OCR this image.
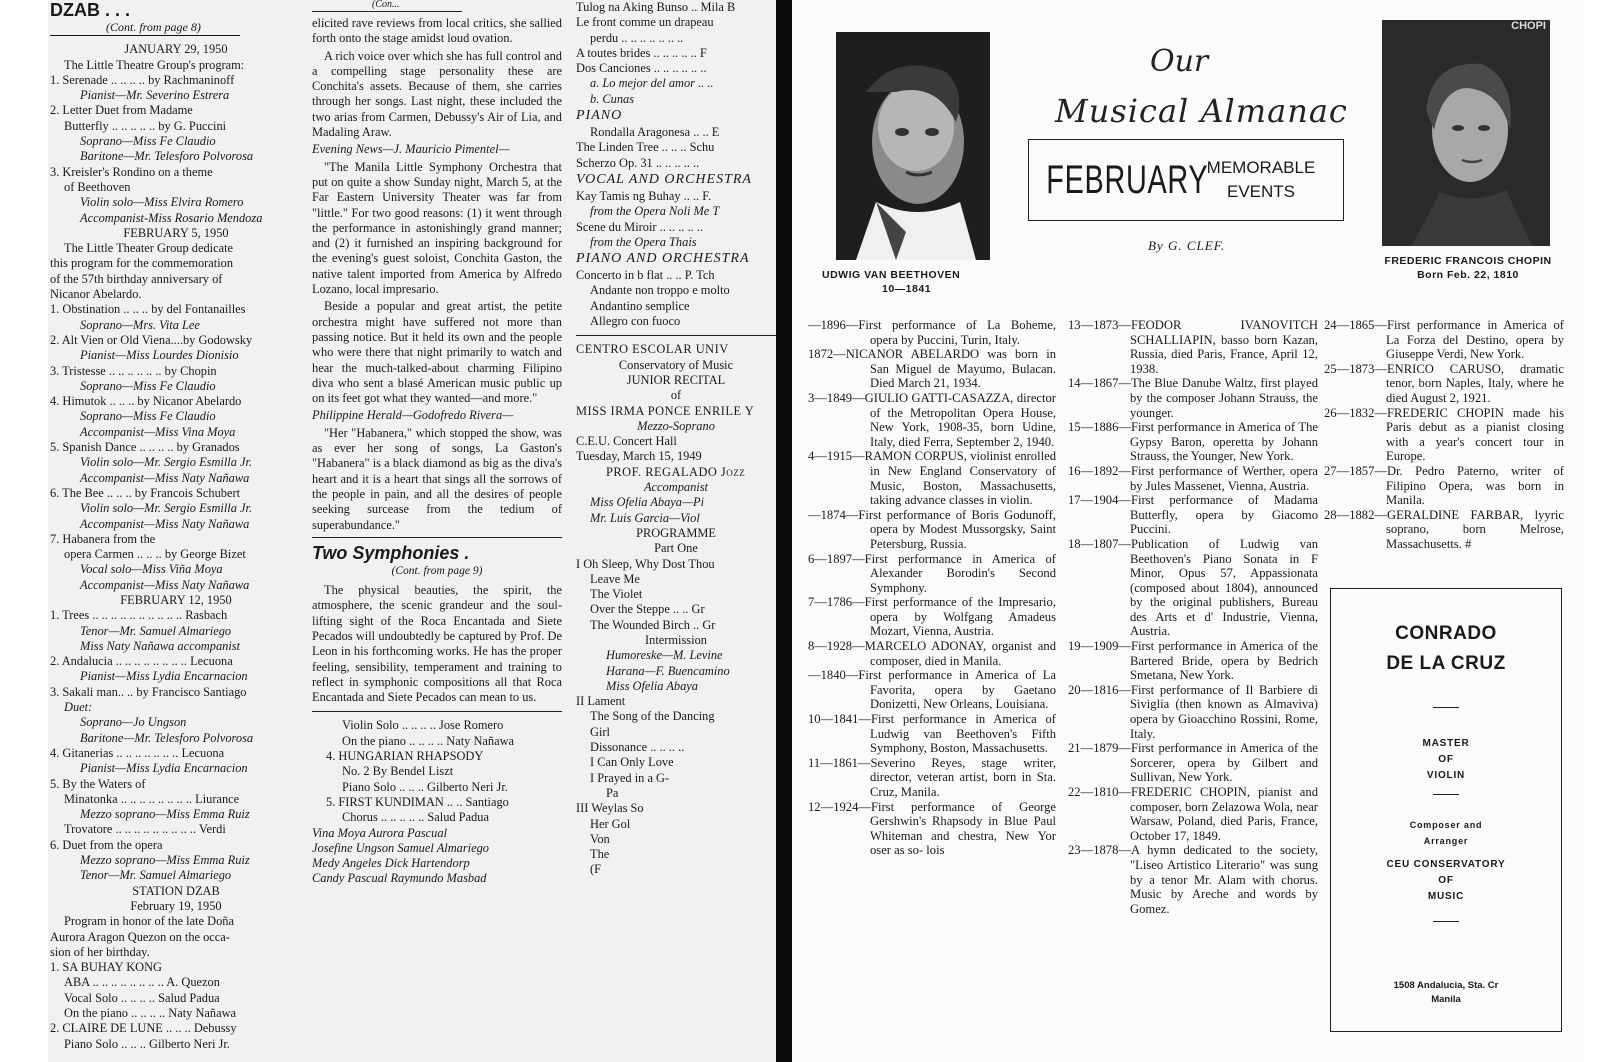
DZAB . . .
(Cont. from page 8)
JANUARY 29, 1950
The Little Theatre Group's program:
1. Serenade .. .. .. .. by Rachmaninoff
Pianist—Mr. Severino Estrera
2. Letter Duet from Madame
Butterfly .. .. .. .. .. by G. Puccini
Soprano—Miss Fe Claudio
Baritone—Mr. Telesforo Polvorosa
3. Kreisler's Rondino on a theme
of Beethoven
Violin solo—Miss Elvira Romero
Accompanist-Miss Rosario Mendoza
FEBRUARY 5, 1950
The Little Theater Group dedicate
this program for the commemoration
of the 57th birthday anniversary of
Nicanor Abelardo.
1. Obstination .. .. .. by del Fontanailles
Soprano—Mrs. Vita Lee
2. Alt Vien or Old Viena....by Godowsky
Pianist—Miss Lourdes Dionisio
3. Tristesse .. .. .. .. .. .. by Chopin
Soprano—Miss Fe Claudio
4. Himutok .. .. .. by Nicanor Abelardo
Soprano—Miss Fe Claudio
Accompanist—Miss Vina Moya
5. Spanish Dance .. .. .. .. by Granados
Violin solo—Mr. Sergio Esmilla Jr.
Accompanist—Miss Naty Nañawa
6. The Bee .. .. .. by Francois Schubert
Violin solo—Mr. Sergio Esmilla Jr.
Accompanist—Miss Naty Nañawa
7. Habanera from the
opera Carmen .. .. .. by George Bizet
Vocal solo—Miss Viña Moya
Accompanist—Miss Naty Nañawa
FEBRUARY 12, 1950
1. Trees .. .. .. .. .. .. .. .. .. .. Rasbach
Tenor—Mr. Samuel Almariego
Miss Naty Nañawa accompanist
2. Andalucia .. .. .. .. .. .. .. .. Lecuona
Pianist—Miss Lydia Encarnacion
3. Sakali man.. .. by Francisco Santiago
Duet:
Soprano—Jo Ungson
Baritone—Mr. Telesforo Polvorosa
4. Gitanerias .. .. .. .. .. .. .. Lecuona
Pianist—Miss Lydia Encarnacion
5. By the Waters of
Minatonka .. .. .. .. .. .. .. .. Liurance
Mezzo soprano—Miss Emma Ruiz
Trovatore .. .. .. .. .. .. .. .. .. Verdi
6. Duet from the opera
Mezzo soprano—Miss Emma Ruiz
Tenor—Mr. Samuel Almariego
STATION DZAB
February 19, 1950
Program in honor of the late Doña
Aurora Aragon Quezon on the occa-
sion of her birthday.
1. SA BUHAY KONG
ABA .. .. .. .. .. .. .. .. A. Quezon
Vocal Solo .. .. .. .. Salud Padua
On the piano .. .. .. .. Naty Nañawa
2. CLAIRE DE LUNE .. .. .. Debussy
Piano Solo .. .. .. Gilberto Neri Jr.
(Con...
elicited rave reviews from local critics, she sallied forth onto the stage amidst loud ovation.
A rich voice over which she has full control and a compelling stage personality these are Conchita's assets. Because of them, she carries through her songs. Last night, these included the two arias from Carmen, Debussy's Air of Lia, and Madaling Araw.
Evening News—J. Mauricio Pimentel—
"The Manila Little Symphony Orchestra that put on quite a show Sunday night, March 5, at the Far Eastern University Theater was far from "little." For two good reasons: (1) it went through the performance in astonishingly grand manner; and (2) it furnished an inspiring background for the evening's guest soloist, Conchita Gaston, the native talent imported from America by Alfredo Lozano, local impresario.
Beside a popular and great artist, the petite orchestra might have suffered not more than passing notice. But it held its own and the people who were there that night primarily to watch and hear the much-talked-about charming Filipino diva who sent a blasé American music public up on its feet got what they wanted—and more."
Philippine Herald—Godofredo Rivera—
"Her "Habanera," which stopped the show, was as ever her song of songs, La Gaston's "Habanera" is a black diamond as big as the diva's heart and it is a heart that sings all the sorrows of the people in pain, and all the desires of people seeking surcease from the tedium of superabundance."
Two Symphonies .
(Cont. from page 9)
The physical beauties, the spirit, the atmosphere, the scenic grandeur and the soul-lifting sight of the Roca Encantada and Siete Pecados will undoubtedly be captured by Prof. De Leon in his forthcoming works. He has the proper feeling, sensibility, temperament and training to reflect in symphonic compositions all that Roca Encantada and Siete Pecados can mean to us.
Violin Solo .. .. .. .. Jose Romero
On the piano .. .. .. .. Naty Nañawa
4. HUNGARIAN RHAPSODY
No. 2 By Bendel Liszt
Piano Solo .. .. .. Gilberto Neri Jr.
5. FIRST KUNDIMAN .. .. Santiago
Chorus .. .. .. .. .. Salud Padua
Vina Moya Aurora Pascual
Josefine Ungson Samuel Almariego
Medy Angeles Dick Hartendorp
Candy Pascual Raymundo Masbad
Tulog na Aking Bunso .. Mila B
Le front comme un drapeau
perdu .. .. .. .. .. .. ..
A toutes brides .. .. .. .. .. F
Dos Canciones .. .. .. .. .. ..
a. Lo mejor del amor .. ..
b. Cunas
PIANO
Rondalla Aragonesa .. .. E
The Linden Tree .. .. .. Schu
Scherzo Op. 31 .. .. .. .. ..
VOCAL AND ORCHESTRA
Kay Tamis ng Buhay .. .. F.
from the Opera Noli Me T
Scene du Miroir .. .. .. .. ..
from the Opera Thais
PIANO AND ORCHESTRA
Concerto in b flat .. .. P. Tch
Andante non troppo e molto
Andantino semplice
Allegro con fuoco
CENTRO ESCOLAR UNIV
Conservatory of Music
JUNIOR RECITAL
of
MISS IRMA PONCE ENRILE Y
Mezzo-Soprano
C.E.U. Concert Hall
Tuesday, March 15, 1949
PROF. REGALADO Jozz
Accompanist
Miss Ofelia Abaya—Pi
Mr. Luis Garcia—Viol
PROGRAMME
Part One
I Oh Sleep, Why Dost Thou
Leave Me
The Violet
Over the Steppe .. .. Gr
The Wounded Birch .. Gr
Intermission
Humoreske—M. Levine
Harana—F. Buencamino
Miss Ofelia Abaya
II Lament
The Song of the Dancing
Girl
Dissonance .. .. .. ..
I Can Only Love
I Prayed in a G-
Pa
III Weylas So
Her Gol
Von
The
(F
UDWIG VAN BEETHOVEN
10—1841
Our
Musical Almanac
FEBRUARY
MEMORABLE
EVENTS
By G. CLEF.
CHOPI
FREDERIC FRANCOIS CHOPIN
Born Feb. 22, 1810
—1896—First performance of La Boheme, opera by Puccini, Turin, Italy.
1872—NICANOR ABELARDO was born in San Miguel de Mayumo, Bulacan. Died March 21, 1934.
3—1849—GIULIO GATTI-CASAZZA, director of the Metropolitan Opera House, New York, 1908-35, born Udine, Italy, died Ferra, September 2, 1940.
4—1915—RAMON CORPUS, violinist enrolled in New England Conservatory of Music, Boston, Massachusetts, taking advance classes in violin.
—1874—First performance of Boris Godunoff, opera by Modest Mussorgsky, Saint Petersburg, Russia.
6—1897—First performance in America of Alexander Borodin's Second Symphony.
7—1786—First performance of the Impresario, opera by Wolfgang Amadeus Mozart, Vienna, Austria.
8—1928—MARCELO ADONAY, organist and composer, died in Manila.
—1840—First performance in America of La Favorita, opera by Gaetano Donizetti, New Orleans, Louisiana.
10—1841—First performance in America of Ludwig van Beethoven's Fifth Symphony, Boston, Massachusetts.
11—1861—Severino Reyes, stage writer, director, veteran artist, born in Sta. Cruz, Manila.
12—1924—First performance of George Gershwin's Rhapsody in Blue Paul Whiteman and chestra, New Yor oser as so- lois
13—1873—FEODOR IVANOVITCH SCHALLIAPIN, basso born Kazan, Russia, died Paris, France, April 12, 1938.
14—1867—The Blue Danube Waltz, first played by the composer Johann Strauss, the younger.
15—1886—First performance in America of The Gypsy Baron, operetta by Johann Strauss, the Younger, New York.
16—1892—First performance of Werther, opera by Jules Massenet, Vienna, Austria.
17—1904—First performance of Madama Butterfly, opera by Giacomo Puccini.
18—1807—Publication of Ludwig van Beethoven's Piano Sonata in F Minor, Opus 57, Appassionata (composed about 1804), announced by the original publishers, Bureau des Arts et d' Industrie, Vienna, Austria.
19—1909—First performance in America of the Bartered Bride, opera by Bedrich Smetana, New York.
20—1816—First performance of Il Barbiere di Siviglia (then known as Almaviva) opera by Gioacchino Rossini, Rome, Italy.
21—1879—First performance in America of the Sorcerer, opera by Gilbert and Sullivan, New York.
22—1810—FREDERIC CHOPIN, pianist and composer, born Zelazowa Wola, near Warsaw, Poland, died Paris, France, October 17, 1849.
23—1878—A hymn dedicated to the society, "Liseo Artistico Literario" was sung by a tenor Mr. Alam with chorus. Music by Areche and words by Gomez.
24—1865—First performance in America of La Forza del Destino, opera by Giuseppe Verdi, New York.
25—1873—ENRICO CARUSO, dramatic tenor, born Naples, Italy, where he died August 2, 1921.
26—1832—FREDERIC CHOPIN made his Paris debut as a pianist closing with a year's concert tour in Europe.
27—1857—Dr. Pedro Paterno, writer of Filipino Opera, was born in Manila.
28—1882—GERALDINE FARBAR, lyyric soprano, born Melrose, Massachusetts. #
CONRADO
DE LA CRUZ
MASTER
OF
VIOLIN
Composer and
Arranger
CEU CONSERVATORY
OF
MUSIC
1508 Andalucia, Sta. Cr
Manila
